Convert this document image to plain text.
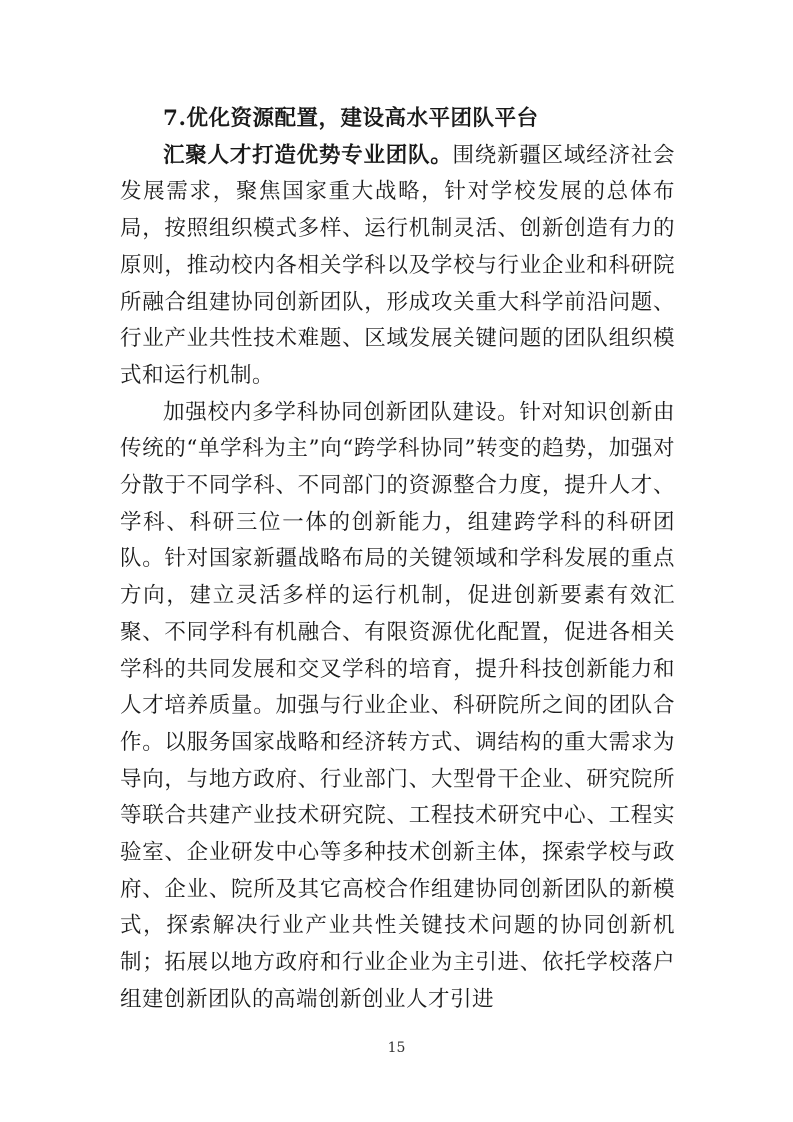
7.优化资源配置，建设高水平团队平台

汇聚人才打造优势专业团队。围绕新疆区域经济社会发展需求，聚焦国家重大战略，针对学校发展的总体布局，按照组织模式多样、运行机制灵活、创新创造有力的原则，推动校内各相关学科以及学校与行业企业和科研院所融合组建协同创新团队，形成攻关重大科学前沿问题、行业产业共性技术难题、区域发展关键问题的团队组织模式和运行机制。

加强校内多学科协同创新团队建设。针对知识创新由传统的“单学科为主”向“跨学科协同”转变的趋势，加强对分散于不同学科、不同部门的资源整合力度，提升人才、学科、科研三位一体的创新能力，组建跨学科的科研团队。针对国家新疆战略布局的关键领域和学科发展的重点方向，建立灵活多样的运行机制，促进创新要素有效汇聚、不同学科有机融合、有限资源优化配置，促进各相关学科的共同发展和交叉学科的培育，提升科技创新能力和人才培养质量。加强与行业企业、科研院所之间的团队合作。以服务国家战略和经济转方式、调结构的重大需求为导向，与地方政府、行业部门、大型骨干企业、研究院所等联合共建产业技术研究院、工程技术研究中心、工程实验室、企业研发中心等多种技术创新主体，探索学校与政府、企业、院所及其它高校合作组建协同创新团队的新模式，探索解决行业产业共性关键技术问题的协同创新机制；拓展以地方政府和行业企业为主引进、依托学校落户组建创新团队的高端创新创业人才引进

15
